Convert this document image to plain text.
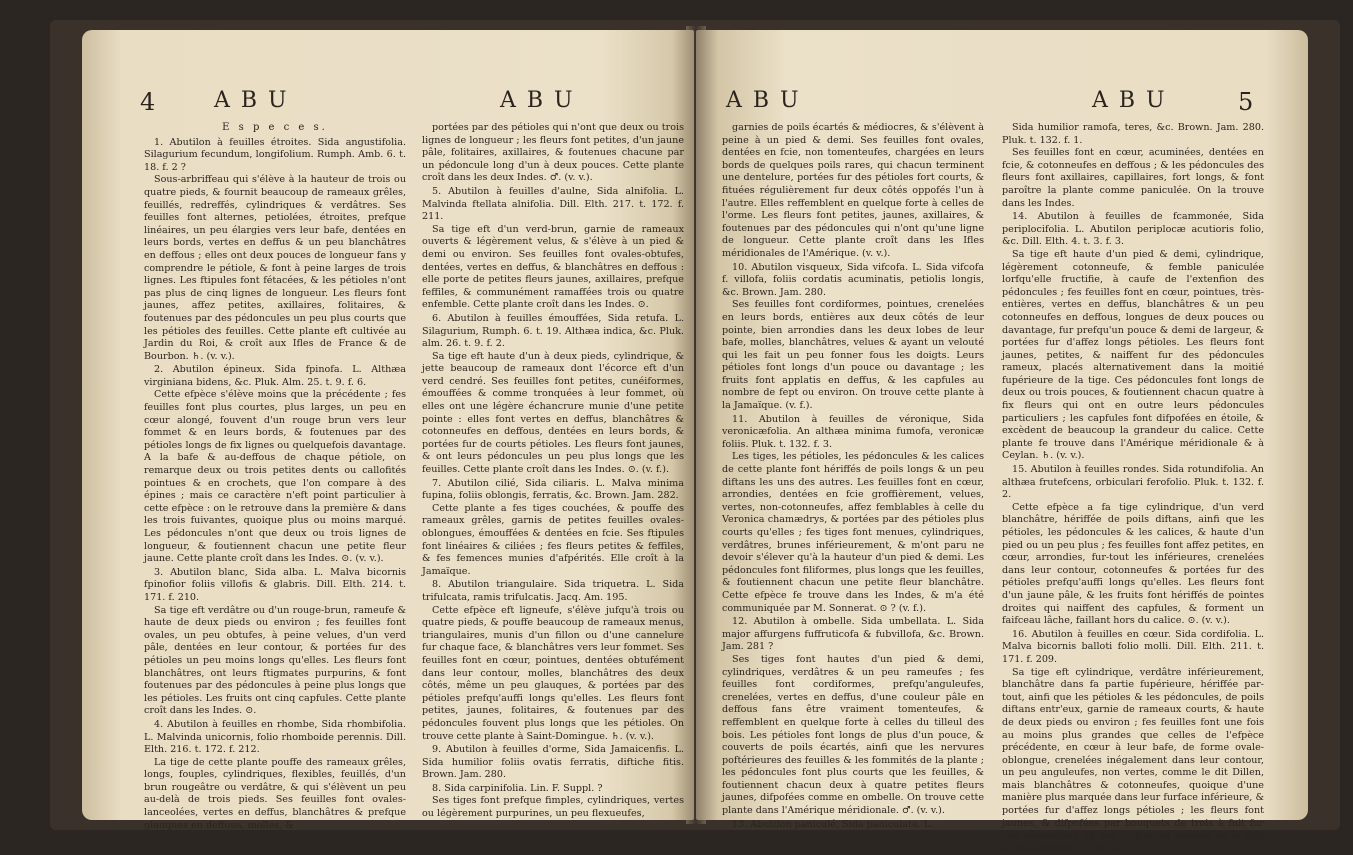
4	A B U	A B U
E s p e c e s.

1. Abutilon à feuilles étroites. Sida angustifolia. Silagurium fecundum, longifolium. Rumph. Amb. 6. t. 18. f. 2 ?

Sous-arbriffeau qui s'élève à la hauteur de trois ou quatre pieds, & fournit beaucoup de rameaux grêles, feuillés, redreffés, cylindriques & verdâtres. Ses feuilles font alternes, petiolées, étroites, prefque linéaires, un peu élargies vers leur bafe, dentées en leurs bords, vertes en deffus & un peu blanchâtres en deffous ; elles ont deux pouces de longueur fans y comprendre le pétiole, & font à peine larges de trois lignes. Les ftipules font fétacées, & les pétioles n'ont pas plus de cinq lignes de longueur. Les fleurs font jaunes, affez petites, axillaires, folitaires, & foutenues par des pédoncules un peu plus courts que les pétioles des feuilles. Cette plante eft cultivée au Jardin du Roi, & croît aux Ifles de France & de Bourbon. ♄. (v. v.).

2. Abutilon épineux. Sida fpinofa. L. Althæa virginiana bidens, &c. Pluk. Alm. 25. t. 9. f. 6.

Cette efpèce s'élève moins que la précédente ; fes feuilles font plus courtes, plus larges, un peu en cœur alongé, fouvent d'un rouge brun vers leur fommet & en leurs bords, & foutenues par des pétioles longs de fix lignes ou quelquefois davantage. A la bafe & au-deffous de chaque pétiole, on remarque deux ou trois petites dents ou callofités pointues & en crochets, que l'on compare à des épines ; mais ce caractère n'eft point particulier à cette efpèce : on le retrouve dans la première & dans les trois fuivantes, quoique plus ou moins marqué. Les pédoncules n'ont que deux ou trois lignes de longueur, & foutiennent chacun une petite fleur jaune. Cette plante croît dans les Indes. ⊙. (v. v.).

3. Abutilon blanc, Sida alba. L. Malva bicornis fpinofior foliis villofis & glabris. Dill. Elth. 214. t. 171. f. 210.

Sa tige eft verdâtre ou d'un rouge-brun, rameufe & haute de deux pieds ou environ ; fes feuilles font ovales, un peu obtufes, à peine velues, d'un verd pâle, dentées en leur contour, & portées fur des pétioles un peu moins longs qu'elles. Les fleurs font blanchâtres, ont leurs ftigmates purpurins, & font foutenues par des pédoncules à peine plus longs que les pétioles. Les fruits ont cinq capfules. Cette plante croît dans les Indes. ⊙.

4. Abutilon à feuilles en rhombe, Sida rhombifolia. L. Malvinda unicornis, folio rhomboide perennis. Dill. Elth. 216. t. 172. f. 212.

La tige de cette plante pouffe des rameaux grêles, longs, fouples, cylindriques, flexibles, feuillés, d'un brun rougeâtre ou verdâtre, & qui s'élèvent un peu au-delà de trois pieds. Ses feuilles font ovales-lanceolées, vertes en deffus, blanchâtres & prefque glauques en deffous, molles, &

portées par des pétioles qui n'ont que deux ou trois lignes de longueur ; les fleurs font petites, d'un jaune pâle, folitaires, axillaires, & foutenues chacune par un pédoncule long d'un à deux pouces. Cette plante croît dans les deux Indes. ♂. (v. v.).

5. Abutilon à feuilles d'aulne, Sida alnifolia. L. Malvinda ftellata alnifolia. Dill. Elth. 217. t. 172. f. 211.

Sa tige eft d'un verd-brun, garnie de rameaux ouverts & légèrement velus, & s'élève à un pied & demi ou environ. Ses feuilles font ovales-obtufes, dentées, vertes en deffus, & blanchâtres en deffous : elle porte de petites fleurs jaunes, axillaires, prefque feffiles, & communément ramaffées trois ou quatre enfemble. Cette plante croît dans les Indes. ⊙.

6. Abutilon à feuilles émouffées, Sida retufa. L. Silagurium, Rumph. 6. t. 19. Althæa indica, &c. Pluk. alm. 26. t. 9. f. 2.

Sa tige eft haute d'un à deux pieds, cylindrique, & jette beaucoup de rameaux dont l'écorce eft d'un verd cendré. Ses feuilles font petites, cunéiformes, émouffées & comme tronquées à leur fommet, où elles ont une légère échancrure munie d'une petite pointe : elles font vertes en deffus, blanchâtres & cotonneufes en deffous, dentées en leurs bords, & portées fur de courts pétioles. Les fleurs font jaunes, & ont leurs pédoncules un peu plus longs que les feuilles. Cette plante croît dans les Indes. ⊙. (v. f.).

7. Abutilon cilié, Sida ciliaris. L. Malva minima fupina, foliis oblongis, ferratis, &c. Brown. Jam. 282.

Cette plante a fes tiges couchées, & pouffe des rameaux grêles, garnis de petites feuilles ovales-oblongues, émouffées & dentées en fcie. Ses ftipules font linéaires & ciliées ; fes fleurs petites & feffiles, & fes femences munies d'afpérités. Elle croît à la Jamaïque.

8. Abutilon triangulaire. Sida triquetra. L. Sida trifulcata, ramis trifulcatis. Jacq. Am. 195.

Cette efpèce eft ligneufe, s'élève jufqu'à trois ou quatre pieds, & pouffe beaucoup de rameaux menus, triangulaires, munis d'un fillon ou d'une cannelure fur chaque face, & blanchâtres vers leur fommet. Ses feuilles font en cœur, pointues, dentées obtufément dans leur contour, molles, blanchâtres des deux côtés, même un peu glauques, & portées par des pétioles prefqu'auffi longs qu'elles. Les fleurs font petites, jaunes, folitaires, & foutenues par des pédoncules fouvent plus longs que les pétioles. On trouve cette plante à Saint-Domingue. ♄. (v. v.).

9. Abutilon à feuilles d'orme, Sida Jamaicenfis. L. Sida humilior foliis ovatis ferratis, diftiche fitis. Brown. Jam. 280.

8. Sida carpinifolia. Lin. F. Suppl. ?

Ses tiges font prefque fimples, cylindriques, vertes ou légèrement purpurines, un peu flexueufes,

A B U	A B U	5

garnies de poils écartés & médiocres, & s'élèvent à peine à un pied & demi. Ses feuilles font ovales, dentées en fcie, non tomenteufes, chargées en leurs bords de quelques poils rares, qui chacun terminent une dentelure, portées fur des pétioles fort courts, & fituées régulièrement fur deux côtés oppofés l'un à l'autre. Elles reffemblent en quelque forte à celles de l'orme. Les fleurs font petites, jaunes, axillaires, & foutenues par des pédoncules qui n'ont qu'une ligne de longueur. Cette plante croît dans les Ifles méridionales de l'Amérique. (v. v.).

10. Abutilon visqueux, Sida vifcofa. L. Sida vifcofa f. villofa, foliis cordatis acuminatis, petiolis longis, &c. Brown. Jam. 280.

Ses feuilles font cordiformes, pointues, crenelées en leurs bords, entières aux deux côtés de leur pointe, bien arrondies dans les deux lobes de leur bafe, molles, blanchâtres, velues & ayant un velouté qui les fait un peu fonner fous les doigts. Leurs pétioles font longs d'un pouce ou davantage ; les fruits font applatis en deffus, & les capfules au nombre de fept ou environ. On trouve cette plante à la Jamaïque. (v. f.).

11. Abutilon à feuilles de véronique, Sida veronicæfolia. An althæa minima fumofa, veronicæ foliis. Pluk. t. 132. f. 3.

Les tiges, les pétioles, les pédoncules & les calices de cette plante font hériffés de poils longs & un peu diftans les uns des autres. Les feuilles font en cœur, arrondies, dentées en fcie groffièrement, velues, vertes, non-cotonneufes, affez femblables à celle du Veronica chamædrys, & portées par des pétioles plus courts qu'elles ; fes tiges font menues, cylindriques, verdâtres, brunes inférieurement, & m'ont paru ne devoir s'élever qu'à la hauteur d'un pied & demi. Les pédoncules font filiformes, plus longs que les feuilles, & foutiennent chacun une petite fleur blanchâtre. Cette efpèce fe trouve dans les Indes, & m'a été communiquée par M. Sonnerat. ⊙ ? (v. f.).

12. Abutilon à ombelle. Sida umbellata. L. Sida major affurgens fuffruticofa & fubvillofa, &c. Brown. Jam. 281 ?

Ses tiges font hautes d'un pied & demi, cylindriques, verdâtres & un peu rameufes ; fes feuilles font cordiformes, prefqu'anguleufes, crenelées, vertes en deffus, d'une couleur pâle en deffous fans être vraiment tomenteufes, & reffemblent en quelque forte à celles du tilleul des bois. Les pétioles font longs de plus d'un pouce, & couverts de poils écartés, ainfi que les nervures poftérieures des feuilles & les fommités de la plante ; les pédoncules font plus courts que les feuilles, & foutiennent chacun deux à quatre petites fleurs jaunes, difpofées comme en ombelle. On trouve cette plante dans l'Amérique méridionale. ♂. (v. v.).

13. Abutilon paniculé, Sida paniculata. L.

Sida humilior ramofa, teres, &c. Brown. Jam. 280. Pluk. t. 132. f. 1.

Ses feuilles font en cœur, acuminées, dentées en fcie, & cotonneufes en deffous ; & les pédoncules des fleurs font axillaires, capillaires, fort longs, & font paroître la plante comme paniculée. On la trouve dans les Indes.

14. Abutilon à feuilles de fcammonée, Sida periplocifolia. L. Abutilon periplocæ acutioris folio, &c. Dill. Elth. 4. t. 3. f. 3.

Sa tige eft haute d'un pied & demi, cylindrique, légèrement cotonneufe, & femble paniculée lorfqu'elle fructifie, à caufe de l'extenfion des pédoncules ; fes feuilles font en cœur, pointues, très-entières, vertes en deffus, blanchâtres & un peu cotonneufes en deffous, longues de deux pouces ou davantage, fur prefqu'un pouce & demi de largeur, & portées fur d'affez longs pétioles. Les fleurs font jaunes, petites, & naiffent fur des pédoncules rameux, placés alternativement dans la moitié fupérieure de la tige. Ces pédoncules font longs de deux ou trois pouces, & foutiennent chacun quatre à fix fleurs qui ont en outre leurs pédoncules particuliers ; les capfules font difpofées en étoile, & excèdent de beaucoup la grandeur du calice. Cette plante fe trouve dans l'Amérique méridionale & à Ceylan. ♄. (v. v.).

15. Abutilon à feuilles rondes. Sida rotundifolia. An althæa frutefcens, orbiculari ferofolio. Pluk. t. 132. f. 2.

Cette efpèce a fa tige cylindrique, d'un verd blanchâtre, hériffée de poils diftans, ainfi que les pétioles, les pédoncules & les calices, & haute d'un pied ou un peu plus ; fes feuilles font affez petites, en cœur, arrondies, fur-tout les inférieures, crenelées dans leur contour, cotonneufes & portées fur des pétioles prefqu'auffi longs qu'elles. Les fleurs font d'un jaune pâle, & les fruits font hériffés de pointes droites qui naiffent des capfules, & forment un faifceau lâche, faillant hors du calice. ⊙. (v. v.).

16. Abutilon à feuilles en cœur. Sida cordifolia. L. Malva bicornis balloti folio molli. Dill. Elth. 211. t. 171. f. 209.

Sa tige eft cylindrique, verdâtre inférieurement, blanchâtre dans fa partie fupérieure, hériffée par-tout, ainfi que les pétioles & les pédoncules, de poils diftans entr'eux, garnie de rameaux courts, & haute de deux pieds ou environ ; fes feuilles font une fois au moins plus grandes que celles de l'efpèce précédente, en cœur à leur bafe, de forme ovale-oblongue, crenelées inégalement dans leur contour, un peu anguleufes, non vertes, comme le dit Dillen, mais blanchâtres & cotonneufes, quoique d'une manière plus marquée dans leur furface inférieure, & portées fur d'affez longs pétioles ; les fleurs font jaunes, & difpofées par bouquets de trois à fuit fur des pédoncules un peu courts, au fommet de la tige & des rameaux ; le fruit
